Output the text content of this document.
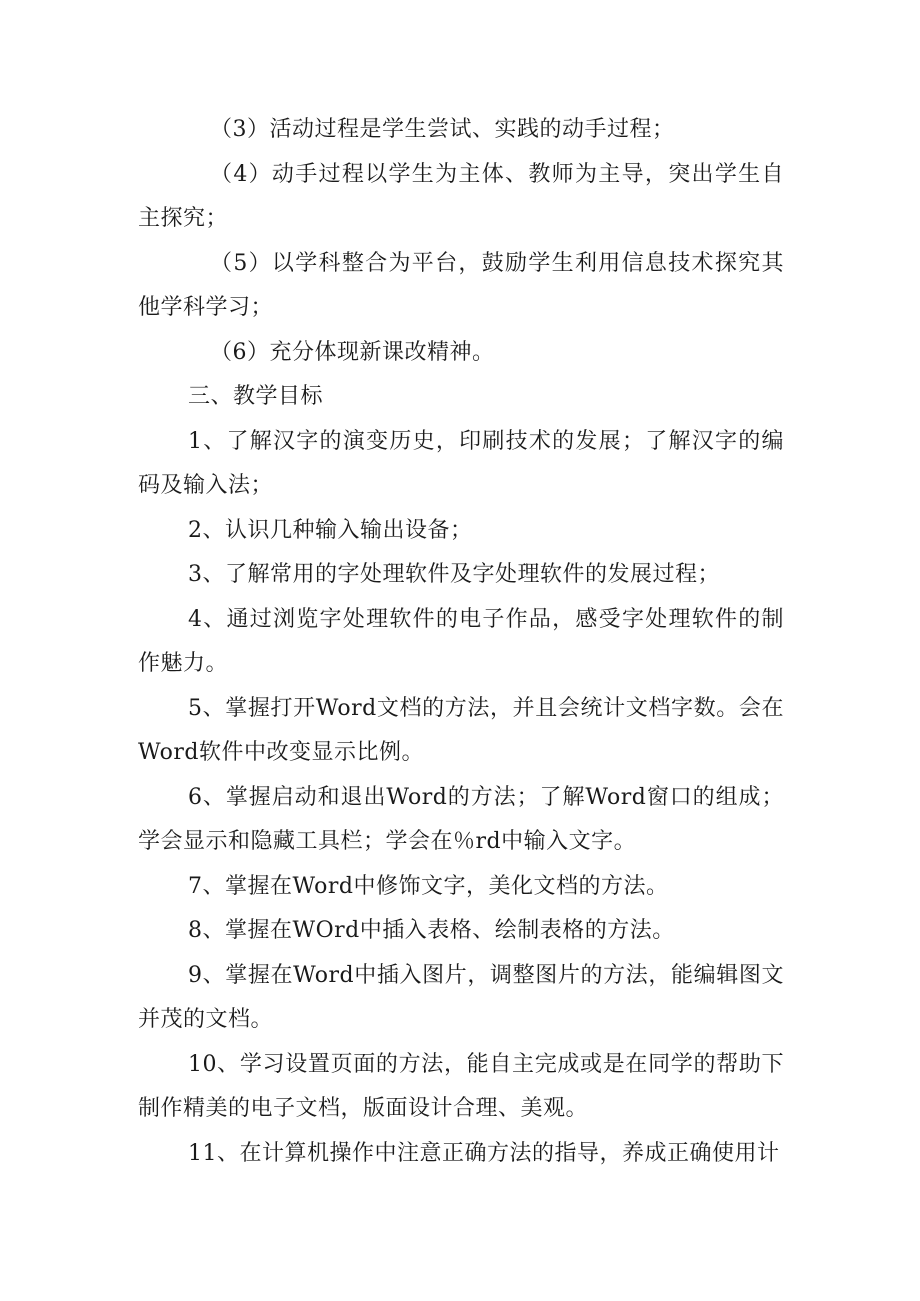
（3）活动过程是学生尝试、实践的动手过程；

（4）动手过程以学生为主体、教师为主导，突出学生自主探究；

（5）以学科整合为平台，鼓励学生利用信息技术探究其他学科学习；

（6）充分体现新课改精神。

三、教学目标

1、了解汉字的演变历史，印刷技术的发展；了解汉字的编码及输入法；

2、认识几种输入输出设备；

3、了解常用的字处理软件及字处理软件的发展过程；

4、通过浏览字处理软件的电子作品，感受字处理软件的制作魅力。

5、掌握打开Word文档的方法，并且会统计文档字数。会在Word软件中改变显示比例。

6、掌握启动和退出Word的方法；了解Word窗口的组成；学会显示和隐藏工具栏；学会在％rd中输入文字。

7、掌握在Word中修饰文字，美化文档的方法。

8、掌握在WOrd中插入表格、绘制表格的方法。

9、掌握在Word中插入图片，调整图片的方法，能编辑图文并茂的文档。

10、学习设置页面的方法，能自主完成或是在同学的帮助下制作精美的电子文档，版面设计合理、美观。

11、在计算机操作中注意正确方法的指导，养成正确使用计
